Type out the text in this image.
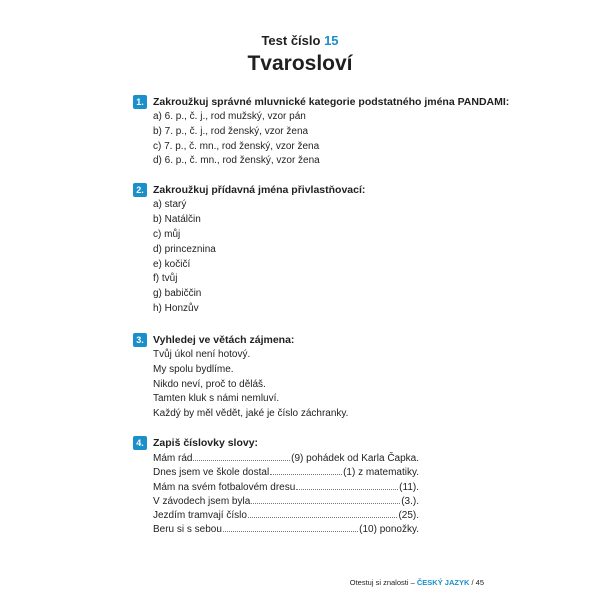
Test číslo 15
Tvarosloví
1. Zakroužkuj správné mluvnické kategorie podstatného jména PANDAMI:
a) 6. p., č. j., rod mužský, vzor pán
b) 7. p., č. j., rod ženský, vzor žena
c) 7. p., č. mn., rod ženský, vzor žena
d) 6. p., č. mn., rod ženský, vzor žena
2. Zakroužkuj přídavná jména přivlastňovací:
a) starý
b) Natálčin
c) můj
d) princeznina
e) kočičí
f) tvůj
g) babiččin
h) Honzův
3. Vyhledej ve větách zájmena:
Tvůj úkol není hotový.
My spolu bydlíme.
Nikdo neví, proč to děláš.
Tamten kluk s námi nemluví.
Každý by měl vědět, jaké je číslo záchranky.
4. Zapiš číslovky slovy:
Mám rád	(9) pohádek od Karla Čapka.
Dnes jsem ve škole dostal	(1) z matematiky.
Mám na svém fotbalovém dresu	(11).
V závodech jsem byla	(3.).
Jezdím tramvají číslo	(25).
Beru si s sebou	(10) ponožky.
Otestuj si znalosti – ČESKÝ JAZYK / 45
